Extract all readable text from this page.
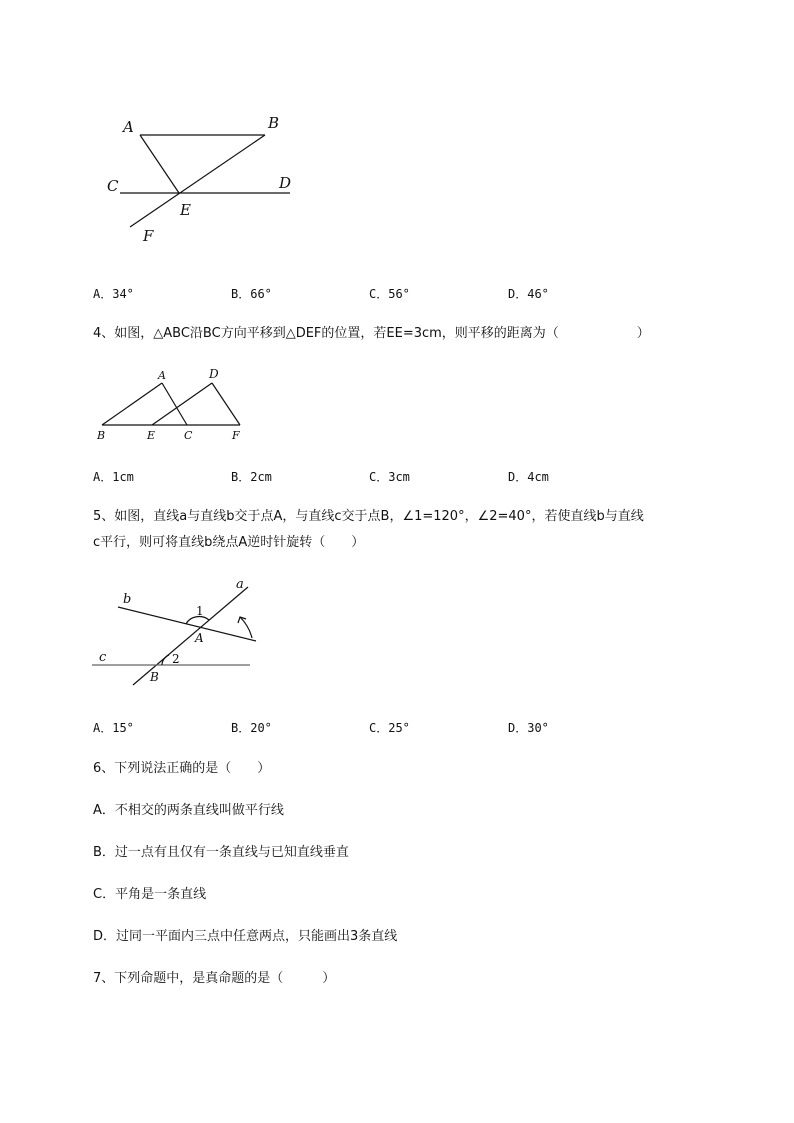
A	B
C	D
E
F
A．34°	B．66°	C．56°	D．46°
4、如图，△ABC沿BC方向平移到△DEF的位置，若EE=3cm，则平移的距离为（　　　　　　）
A	D
B	E	C	F
A．1cm	B．2cm	C．3cm	D．4cm
5、如图，直线a与直线b交于点A，与直线c交于点B，∠1=120°，∠2=40°，若使直线b与直线
c平行，则可将直线b绕点A逆时针旋转（　　）
a
b
c
A
B
1
2
A．15°	B．20°	C．25°	D．30°
6、下列说法正确的是（　　）
A．不相交的两条直线叫做平行线
B．过一点有且仅有一条直线与已知直线垂直
C．平角是一条直线
D．过同一平面内三点中任意两点，只能画出3条直线
7、下列命题中，是真命题的是（　　　）
